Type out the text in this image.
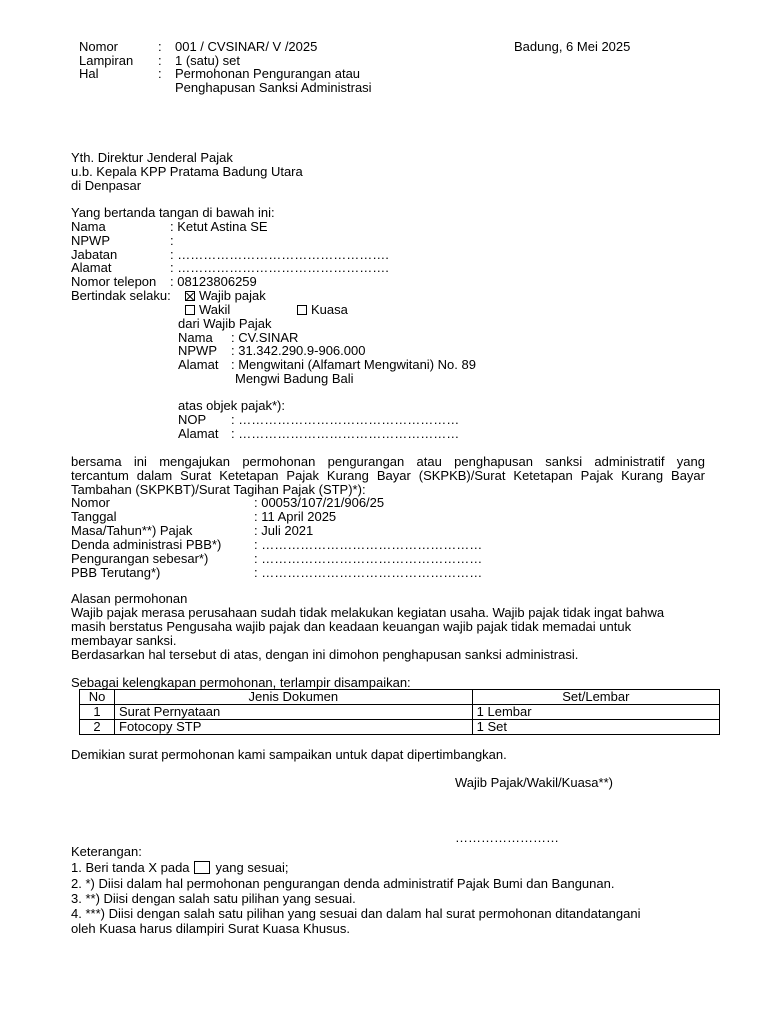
Nomor	: 001 / CVSINAR/ V /2025	Badung, 6 Mei 2025
Lampiran : 1 (satu) set
Hal	: Permohonan Pengurangan atau
Penghapusan Sanksi Administrasi
Yth. Direktur Jenderal Pajak
u.b. Kepala KPP Pratama Badung Utara
di Denpasar
Yang bertanda tangan di bawah ini:
Nama	: Ketut Astina SE
NPWP	:
Jabatan	: ………………………………………….
Alamat	: ………………………………………….
Nomor telepon : 08123806259
Bertindak selaku:	Wajib pajak
Wakil	Kuasa
dari Wajib Pajak
Nama : CV.SINAR
NPWP : 31.342.290.9-906.000
Alamat : Mengwitani (Alfamart Mengwitani) No. 89
Mengwi Badung Bali
atas objek pajak*):
NOP : ……………………………………………
Alamat : ……………………………………………
bersama ini mengajukan permohonan pengurangan atau penghapusan sanksi administratif yang
tercantum dalam Surat Ketetapan Pajak Kurang Bayar (SKPKB)/Surat Ketetapan Pajak Kurang Bayar
Tambahan (SKPKBT)/Surat Tagihan Pajak (STP)*):
Nomor	: 00053/107/21/906/25
Tanggal	: 11 April 2025
Masa/Tahun**) Pajak	: Juli 2021
Denda administrasi PBB*)	: ……………………………………………
Pengurangan sebesar*)	: ……………………………………………
PBB Terutang*)	: ……………………………………………
Alasan permohonan
Wajib pajak merasa perusahaan sudah tidak melakukan kegiatan usaha. Wajib pajak tidak ingat bahwa
masih berstatus Pengusaha wajib pajak dan keadaan keuangan wajib pajak tidak memadai untuk
membayar sanksi.
Berdasarkan hal tersebut di atas, dengan ini dimohon penghapusan sanksi administrasi.
Sebagai kelengkapan permohonan, terlampir disampaikan:
No	Jenis Dokumen	Set/Lembar
1	Surat Pernyataan	1 Lembar
2	Fotocopy STP	1 Set
Demikian surat permohonan kami sampaikan untuk dapat dipertimbangkan.
Wajib Pajak/Wakil/Kuasa**)
……………………
Keterangan:
1. Beri tanda X pada yang sesuai;
2. *) Diisi dalam hal permohonan pengurangan denda administratif Pajak Bumi dan Bangunan.
3. **) Diisi dengan salah satu pilihan yang sesuai.
4. ***) Diisi dengan salah satu pilihan yang sesuai dan dalam hal surat permohonan ditandatangani
oleh Kuasa harus dilampiri Surat Kuasa Khusus.
